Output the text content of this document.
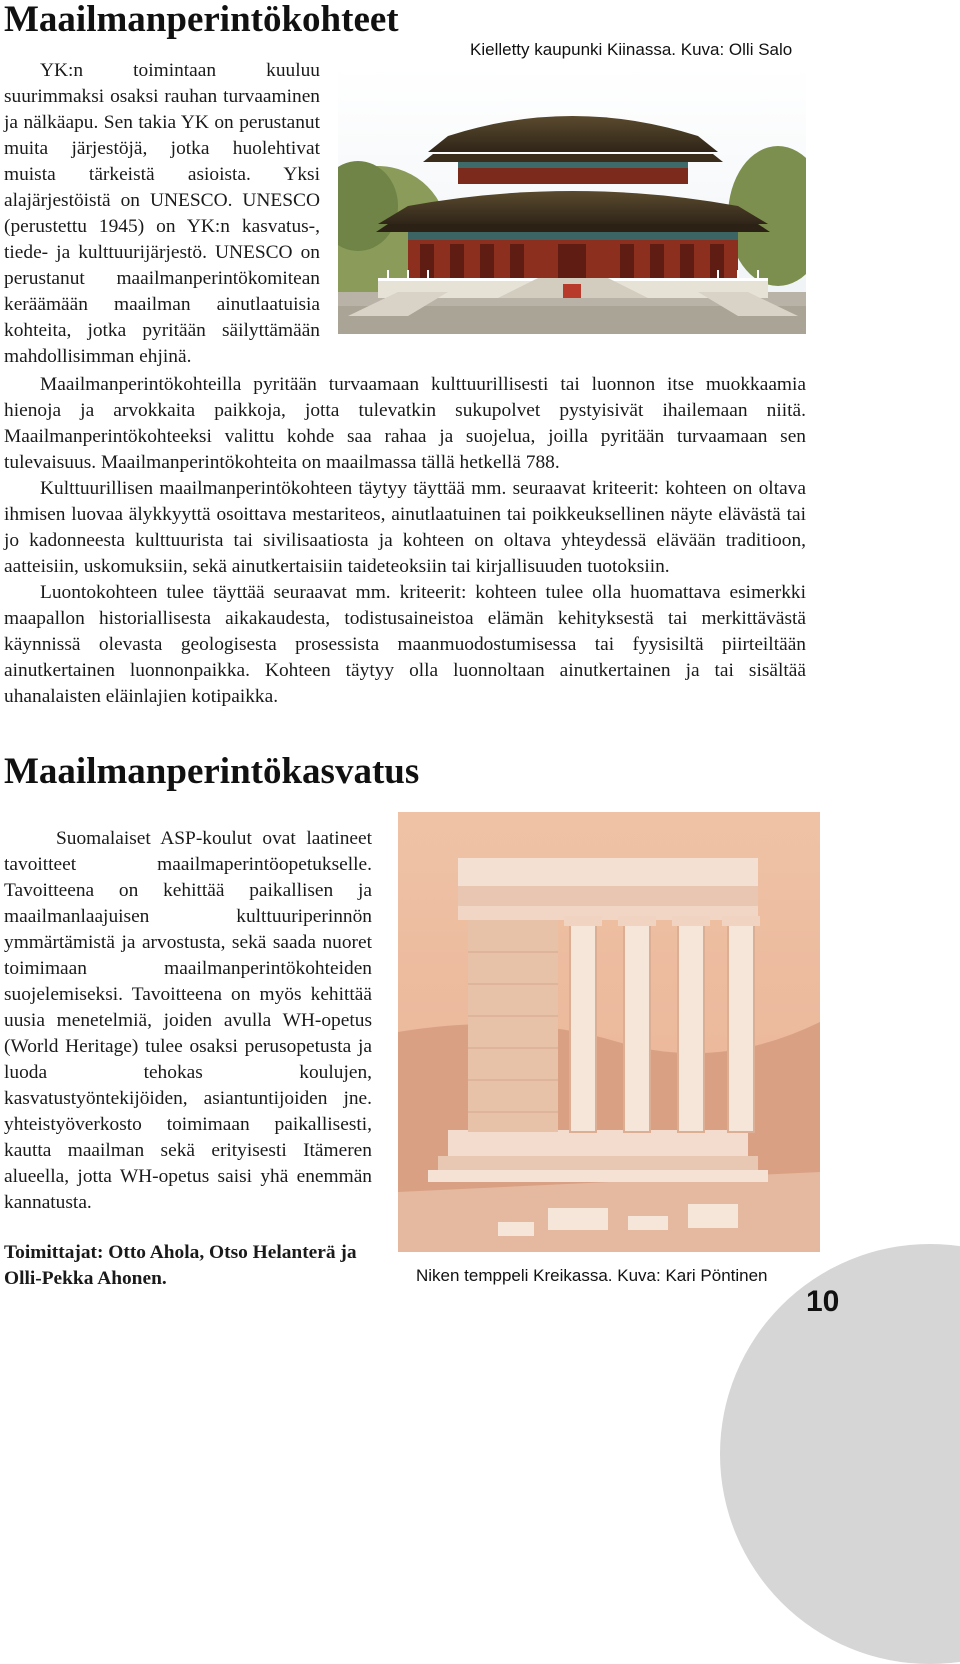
Maailmanperintökohteet

Kielletty kaupunki Kiinassa. Kuva: Olli Salo

YK:n toimintaan kuuluu suurimmaksi osaksi rauhan turvaaminen ja nälkäapu. Sen takia YK on perustanut muita järjestöjä, jotka huolehtivat muista tärkeistä asioista. Yksi alajärjestöistä on UNESCO. UNESCO (perustettu 1945) on YK:n kasvatus-, tiede- ja kulttuurijärjestö. UNESCO on perustanut maailmanperintökomitean keräämään maailman ainutlaatuisia kohteita, jotka pyritään säilyttämään mahdollisimman ehjinä.

Maailmanperintökohteilla pyritään turvaamaan kulttuurillisesti tai luonnon itse muokkaamia hienoja ja arvokkaita paikkoja, jotta tulevatkin sukupolvet pystyisivät ihailemaan niitä. Maailmanperintökohteeksi valittu kohde saa rahaa ja suojelua, joilla pyritään turvaamaan sen tulevaisuus. Maailmanperintökohteita on maailmassa tällä hetkellä 788.

Kulttuurillisen maailmanperintökohteen täytyy täyttää mm. seuraavat kriteerit: kohteen on oltava ihmisen luovaa älykkyyttä osoittava mestariteos, ainutlaatuinen tai poikkeuksellinen näyte elävästä tai jo kadonneesta kulttuurista tai sivilisaatiosta ja kohteen on oltava yhteydessä elävään traditioon, aatteisiin, uskomuksiin, sekä ainutkertaisiin taideteoksiin tai kirjallisuuden tuotoksiin.

Luontokohteen tulee täyttää seuraavat mm. kriteerit: kohteen tulee olla huomattava esimerkki maapallon historiallisesta aikakaudesta, todistusaineistoa elämän kehityksestä tai merkittävästä käynnissä olevasta geologisesta prosessista maanmuodostumisessa tai fyysisiltä piirteiltään ainutkertainen luonnonpaikka. Kohteen täytyy olla luonnoltaan ainutkertainen ja tai sisältää uhanalaisten eläinlajien kotipaikka.

Maailmanperintökasvatus

Suomalaiset ASP-koulut ovat laatineet tavoitteet maailmaperintöopetukselle. Tavoitteena on kehittää paikallisen ja maailmanlaajuisen kulttuuriperinnön ymmärtämistä ja arvostusta, sekä saada nuoret toimimaan maailmanperintökohteiden suojelemiseksi. Tavoitteena on myös kehittää uusia menetelmiä, joiden avulla WH-opetus (World Heritage) tulee osaksi perusopetusta ja luoda tehokas koulujen, kasvatustyöntekijöiden, asiantuntijoiden jne. yhteistyöverkosto toimimaan paikallisesti, kautta maailman sekä erityisesti Itämeren alueella, jotta WH-opetus saisi yhä enemmän kannatusta.

Toimittajat: Otto Ahola, Otso Helanterä ja Olli-Pekka Ahonen.	Niken temppeli Kreikassa. Kuva: Kari Pöntinen

10
